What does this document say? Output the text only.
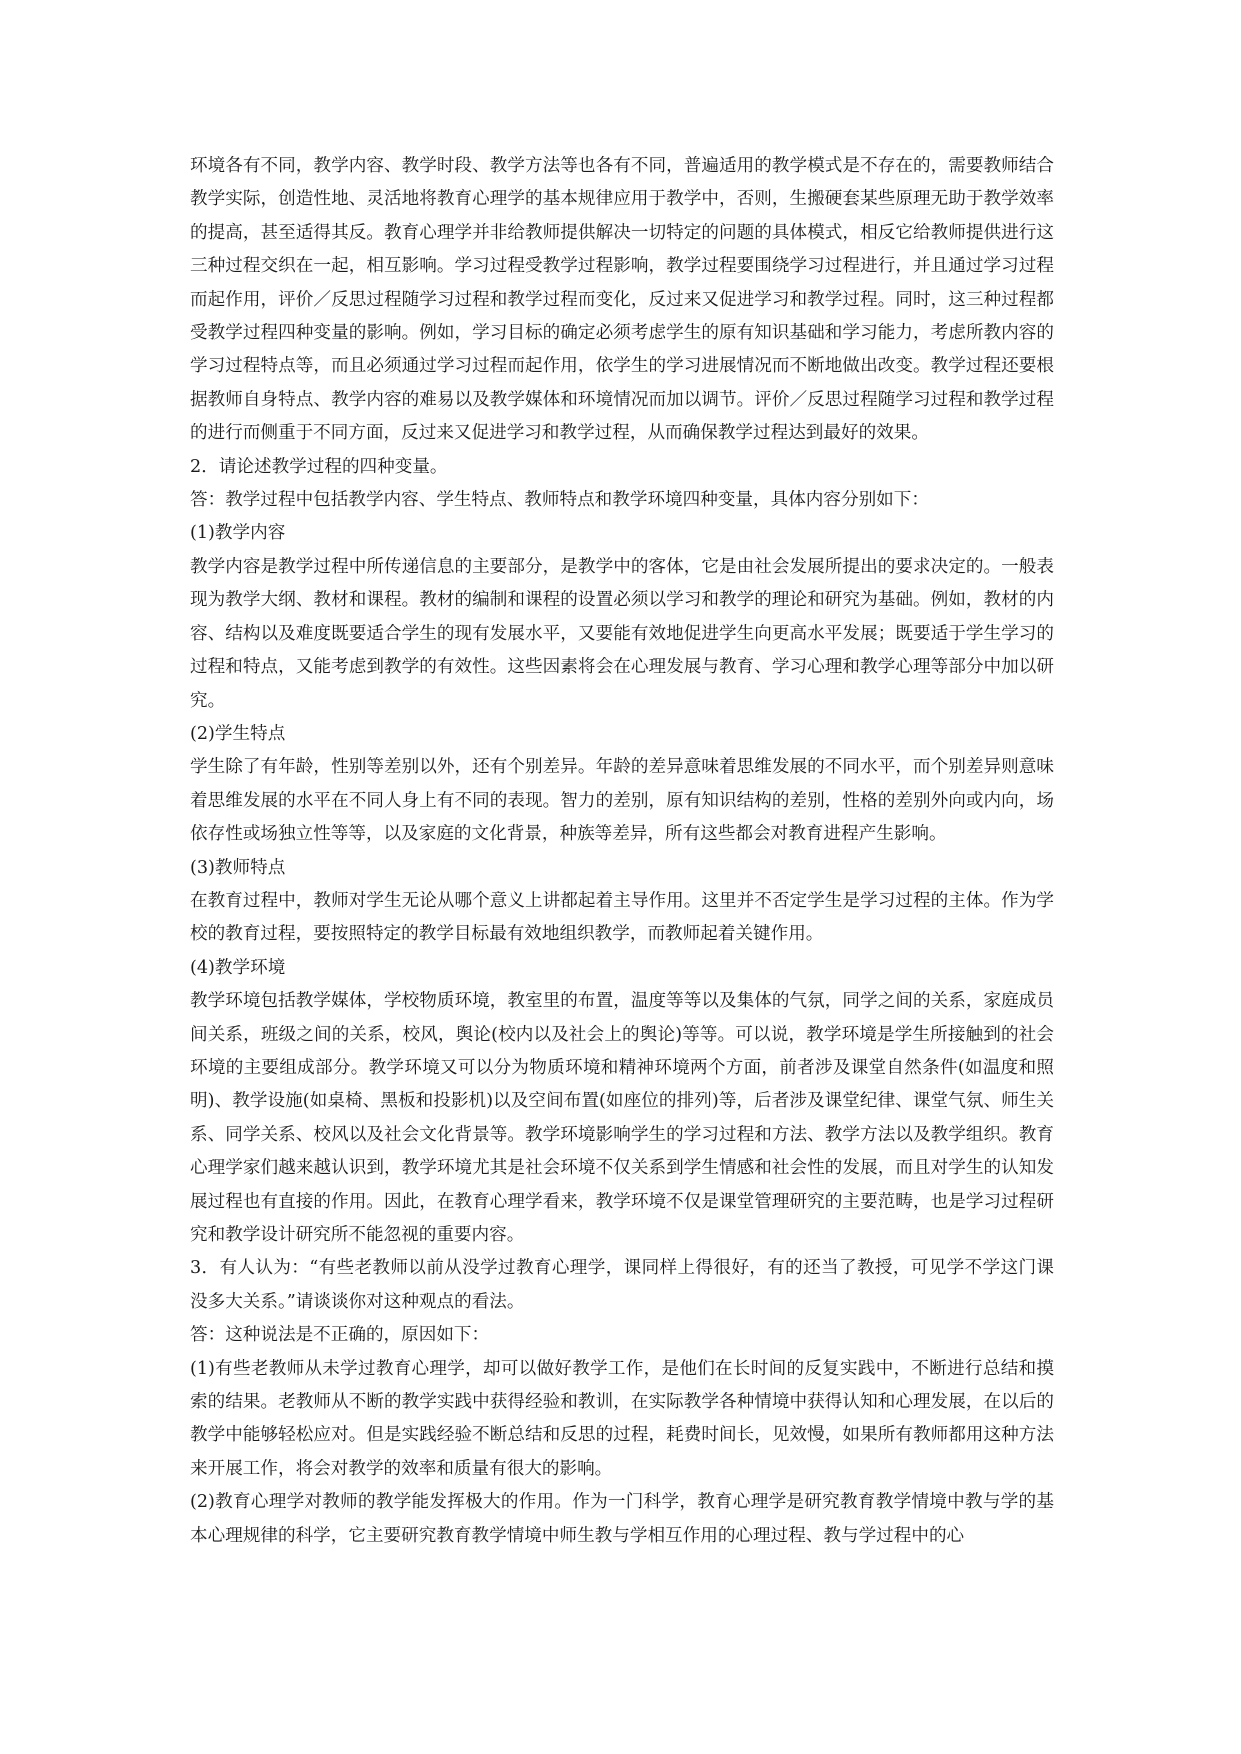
环境各有不同，教学内容、教学时段、教学方法等也各有不同，普遍适用的教学模式是不存在的，需要教师结合教学实际，创造性地、灵活地将教育心理学的基本规律应用于教学中，否则，生搬硬套某些原理无助于教学效率的提高，甚至适得其反。教育心理学并非给教师提供解决一切特定的问题的具体模式，相反它给教师提供进行这三种过程交织在一起，相互影响。学习过程受教学过程影响，教学过程要围绕学习过程进行，并且通过学习过程而起作用，评价／反思过程随学习过程和教学过程而变化，反过来又促进学习和教学过程。同时，这三种过程都受教学过程四种变量的影响。例如，学习目标的确定必须考虑学生的原有知识基础和学习能力，考虑所教内容的学习过程特点等，而且必须通过学习过程而起作用，依学生的学习进展情况而不断地做出改变。教学过程还要根据教师自身特点、教学内容的难易以及教学媒体和环境情况而加以调节。评价／反思过程随学习过程和教学过程的进行而侧重于不同方面，反过来又促进学习和教学过程，从而确保教学过程达到最好的效果。

2．请论述教学过程的四种变量。

答：教学过程中包括教学内容、学生特点、教师特点和教学环境四种变量，具体内容分别如下：

(1)教学内容

教学内容是教学过程中所传递信息的主要部分，是教学中的客体，它是由社会发展所提出的要求决定的。一般表现为教学大纲、教材和课程。教材的编制和课程的设置必须以学习和教学的理论和研究为基础。例如，教材的内容、结构以及难度既要适合学生的现有发展水平，又要能有效地促进学生向更高水平发展；既要适于学生学习的过程和特点，又能考虑到教学的有效性。这些因素将会在心理发展与教育、学习心理和教学心理等部分中加以研究。

(2)学生特点

学生除了有年龄，性别等差别以外，还有个别差异。年龄的差异意味着思维发展的不同水平，而个别差异则意味着思维发展的水平在不同人身上有不同的表现。智力的差别，原有知识结构的差别，性格的差别外向或内向，场依存性或场独立性等等，以及家庭的文化背景，种族等差异，所有这些都会对教育进程产生影响。

(3)教师特点

在教育过程中，教师对学生无论从哪个意义上讲都起着主导作用。这里并不否定学生是学习过程的主体。作为学校的教育过程，要按照特定的教学目标最有效地组织教学，而教师起着关键作用。

(4)教学环境

教学环境包括教学媒体，学校物质环境，教室里的布置，温度等等以及集体的气氛，同学之间的关系，家庭成员间关系，班级之间的关系，校风，舆论(校内以及社会上的舆论)等等。可以说，教学环境是学生所接触到的社会环境的主要组成部分。教学环境又可以分为物质环境和精神环境两个方面，前者涉及课堂自然条件(如温度和照明)、教学设施(如桌椅、黑板和投影机)以及空间布置(如座位的排列)等，后者涉及课堂纪律、课堂气氛、师生关系、同学关系、校风以及社会文化背景等。教学环境影响学生的学习过程和方法、教学方法以及教学组织。教育心理学家们越来越认识到，教学环境尤其是社会环境不仅关系到学生情感和社会性的发展，而且对学生的认知发展过程也有直接的作用。因此，在教育心理学看来，教学环境不仅是课堂管理研究的主要范畴，也是学习过程研究和教学设计研究所不能忽视的重要内容。

3．有人认为：“有些老教师以前从没学过教育心理学，课同样上得很好，有的还当了教授，可见学不学这门课没多大关系。”请谈谈你对这种观点的看法。

答：这种说法是不正确的，原因如下：

(1)有些老教师从未学过教育心理学，却可以做好教学工作，是他们在长时间的反复实践中，不断进行总结和摸索的结果。老教师从不断的教学实践中获得经验和教训，在实际教学各种情境中获得认知和心理发展，在以后的教学中能够轻松应对。但是实践经验不断总结和反思的过程，耗费时间长，见效慢，如果所有教师都用这种方法来开展工作，将会对教学的效率和质量有很大的影响。

(2)教育心理学对教师的教学能发挥极大的作用。作为一门科学，教育心理学是研究教育教学情境中教与学的基本心理规律的科学，它主要研究教育教学情境中师生教与学相互作用的心理过程、教与学过程中的心
